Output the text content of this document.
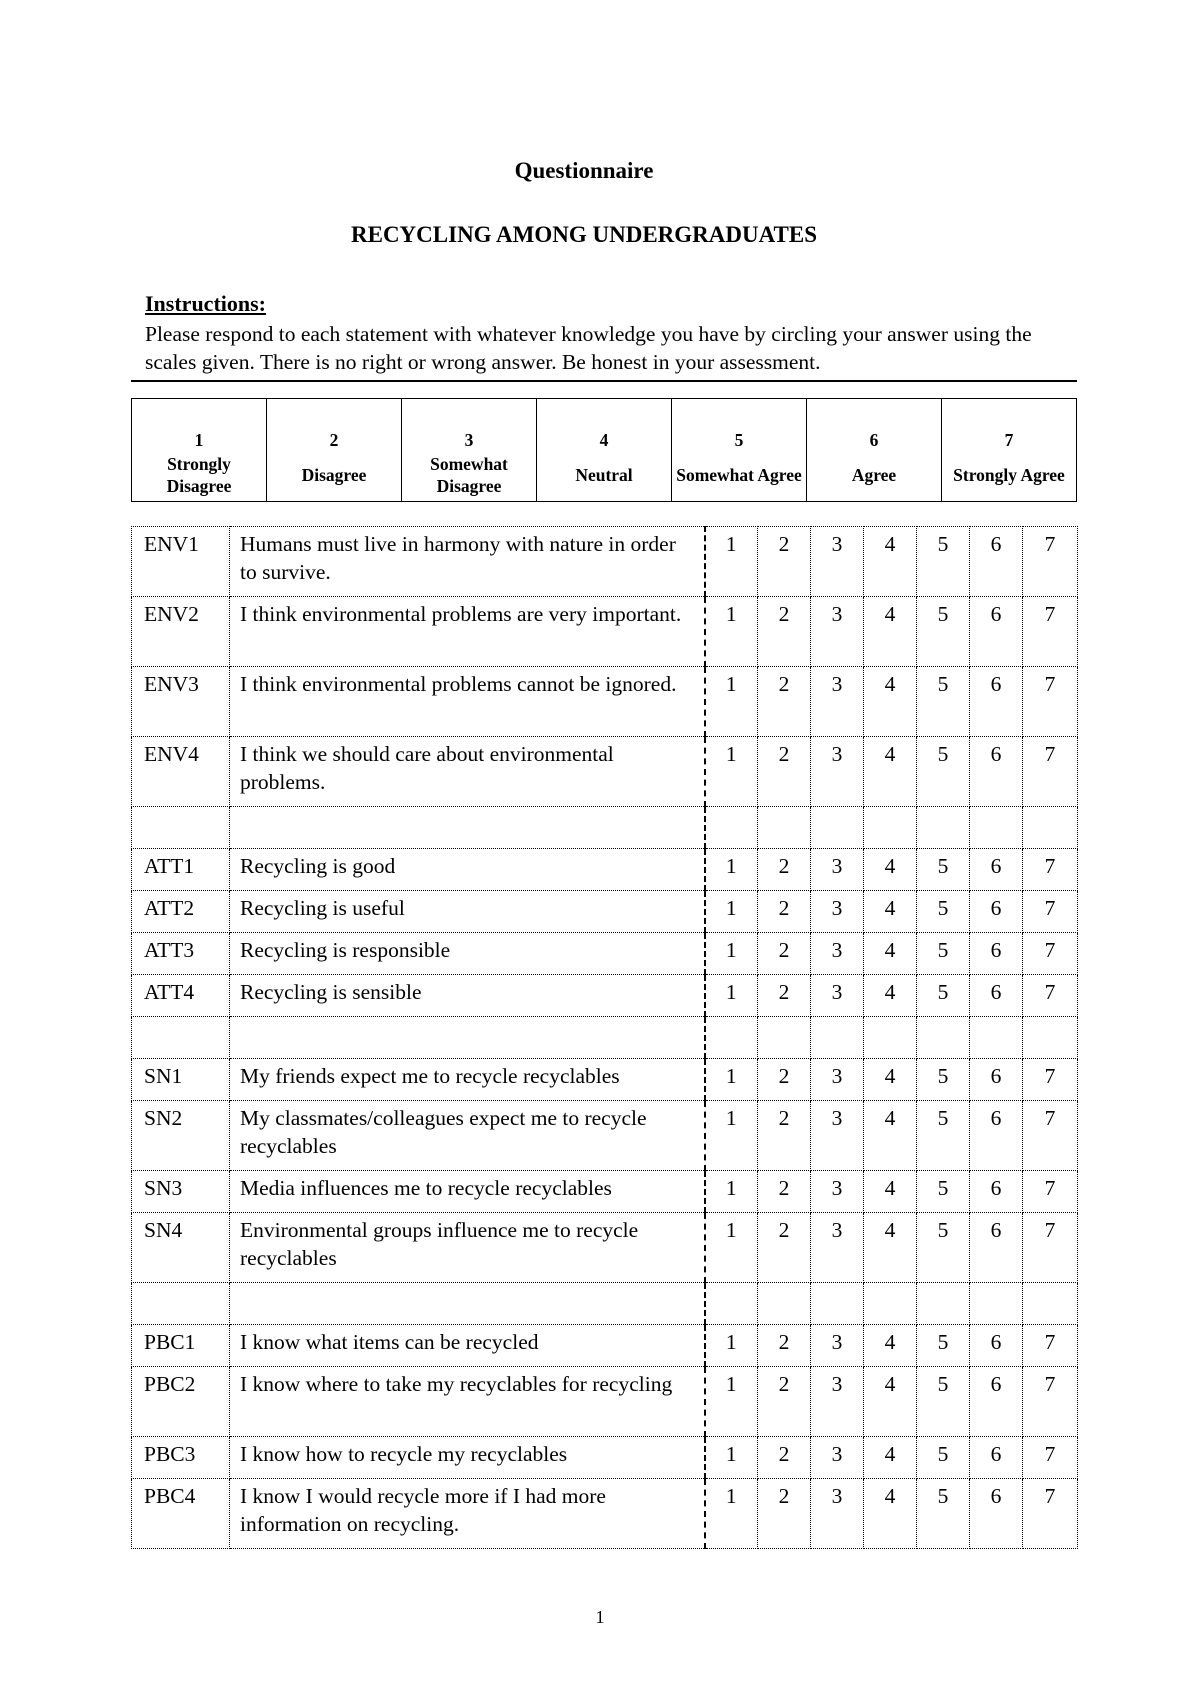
Questionnaire
RECYCLING AMONG UNDERGRADUATES
Instructions:
Please respond to each statement with whatever knowledge you have by circling your answer using the scales given. There is no right or wrong answer. Be honest in your assessment.
1	2	3	4	5	6	7
Strongly Disagree	Disagree	Somewhat Disagree	Neutral	Somewhat Agree	Agree	Strongly Agree
ENV1	Humans must live in harmony with nature in order to survive.	1	2	3	4	5	6	7
ENV2	I think environmental problems are very important.	1	2	3	4	5	6	7
ENV3	I think environmental problems cannot be ignored.	1	2	3	4	5	6	7
ENV4	I think we should care about environmental problems.	1	2	3	4	5	6	7

ATT1	Recycling is good	1	2	3	4	5	6	7
ATT2	Recycling is useful	1	2	3	4	5	6	7
ATT3	Recycling is responsible	1	2	3	4	5	6	7
ATT4	Recycling is sensible	1	2	3	4	5	6	7

SN1	My friends expect me to recycle recyclables	1	2	3	4	5	6	7
SN2	My classmates/colleagues expect me to recycle recyclables	1	2	3	4	5	6	7
SN3	Media influences me to recycle recyclables	1	2	3	4	5	6	7
SN4	Environmental groups influence me to recycle recyclables	1	2	3	4	5	6	7

PBC1	I know what items can be recycled	1	2	3	4	5	6	7
PBC2	I know where to take my recyclables for recycling	1	2	3	4	5	6	7
PBC3	I know how to recycle my recyclables	1	2	3	4	5	6	7
PBC4	I know I would recycle more if I had more information on recycling.	1	2	3	4	5	6	7
1
